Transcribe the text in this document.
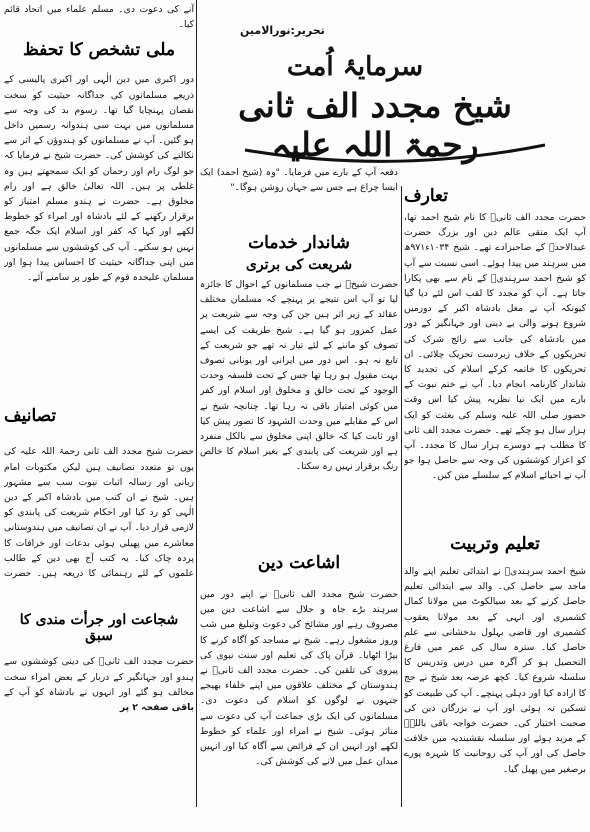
تحریر:نورالامین
سرمایۂ اُمت
شیخ مجدد الف ثانی رحمۃ اللہ علیہ
تعارف

حضرت مجدد الف ثانیؒ کا نام شیخ احمد تھا، آپ ایک متقی عالم دین اور بزرگ حضرت عبدالاحدؒ کے صاحبزادے تھے۔ شیخ ۱۰۳۴ء۹۷۱ھ میں سرہند میں پیدا ہوئے۔ اسی نسبت سے آپ کو شیخ احمد سرہندیؒ کے نام سے بھی پکارا جاتا ہے۔ آپ کو مجدد کا لقب اس لئے دیا گیا کیونکہ آپ نے مغل بادشاہ اکبر کے دورمیں شروع ہونے والی بے دینی اور جہانگیر کے دور میں بادشاہ کی جانب سے رائج شرک کی تحریکوں کے خلاف زبردست تحریک چلائی۔ ان تحریکوں کا خاتمہ کرکے اسلام کی تجدید کا شاندار کارنامہ انجام دیا۔ آپ نے ختم نبوت کے بارے میں ایک نیا نظریہ پیش کیا اس وقت حضور صلی اللہ علیہ وسلم کی بعثت کو ایک ہزار سال ہو چکے تھے۔ حضرت مجدد الف ثانی کا مطلب ہے دوسرے ہزار سال کا مجدد۔ آپ کو اعزاز کوششوں کی وجہ سے حاصل ہوا جو آپ نے احیائے اسلام کے سلسلے میں کیں۔

تعلیم وتربیت

شیخ احمد سرہندیؒ نے ابتدائی تعلیم اپنے والد ماجد سے حاصل کی۔ والد سے ابتدائی تعلیم حاصل کرنے کے بعد سیالکوٹ میں مولانا کمال کشمیری اور انہی کے بعد مولانا یعقوب کشمیری اور قاضی بہلول بدخشانی سے علم حاصل کیا۔ سترہ سال کی عمر میں فارغ التحصیل ہو کر آگرہ میں درس وتدریس کا سلسلہ شروع کیا۔ کچھ عرصہ بعد شیخ نے حج کا ارادہ کیا اور دہلی پہنچے۔ آپ کی طبیعت کو تسکین نہ ہوئی اور آپ نے بزرگان دین کی صحبت اختیار کی۔ حضرت خواجہ باقی باللہؒ کے مرید ہوئے اور سلسلہ نقشبندیہ میں خلافت حاصل کی اور آپ کی روحانیت کا شہرہ پورے برصغیر میں پھیل گیا۔

دفعہ آپ کے بارے میں فرمایا۔ "وہ (شیخ احمد) ایک ایسا چراغ ہے جس سے جہاں روشن ہوگا۔"

شاندار خدمات
شریعت کی برتری

حضرت شیخؒ نے جب مسلمانوں کے احوال کا جائزہ لیا تو آپ اس نتیجے پر پہنچے کہ مسلمان مختلف عقائد کے زیر اثر ہیں جن کی وجہ سے شریعت پر عمل کمزور ہو گیا ہے۔ شیخ طریقت کی ایسے تصوف کو ماننے کے لئے تیار نہ تھے جو شریعت کے تابع نہ ہو۔ اس دور میں ایرانی اور یونانی تصوف بہت مقبول ہو رہا تھا جس کے تحت فلسفہ وحدت الوجود کے تحت خالق و مخلوق اور اسلام اور کفر میں کوئی امتیاز باقی نہ رہا تھا۔ چنانچہ شیخ نے اس کے مقابلے میں وحدت الشہود کا تصور پیش کیا اور ثابت کیا کہ خالق اپنی مخلوق سے بالکل منفرد ہے اور شریعت کی پابندی کے بغیر اسلام کا خالص رنگ برقرار نہیں رہ سکتا۔

اشاعت دین

حضرت شیخ مجدد الف ثانیؒ نے اپنے دور میں سرہند بڑے جاہ و جلال سے اشاعت دین میں مصروف رہے اور مشائخ کی دعوت وتبلیغ میں شب وروز مشغول رہے۔ شیخ نے مساجد کو آگاہ کرنے کا بیڑا اٹھایا۔ قرآن پاک کی تعلیم اور سنت نبوی کی پیروی کی تلقین کی۔ حضرت مجدد الف ثانیؒ نے ہندوستان کے مختلف علاقوں میں اپنے خلفاء بھیجے جنہوں نے لوگوں کو اسلام کی دعوت دی۔ مسلمانوں کی ایک بڑی جماعت آپ کی دعوت سے متاثر ہوئی۔ شیخ نے امراء اور علماء کو خطوط لکھے اور انہیں ان کے فرائض سے آگاہ کیا اور انہیں میدان عمل میں لانے کی کوشش کی۔

آنے کی دعوت دی۔ مسلم علماء میں اتحاد قائم کیا۔

ملی تشخص کا تحفظ

دور اکبری میں دین الٰہی اور اکبری پالیسی کے ذریعے مسلمانوں کی جداگانہ حیثیت کو سخت نقصان پہنچایا گیا تھا۔ رسوم بد کی وجہ سے مسلمانوں میں بہت سی ہندوانہ رسمیں داخل ہو گئیں۔ آپ نے مسلمانوں کو ہندوؤں کے اثر سے نکالنے کی کوشش کی۔ حضرت شیخ نے فرمایا کہ جو لوگ رام اور رحمان کو ایک سمجھتے ہیں وہ غلطی پر ہیں۔ اللہ تعالیٰ خالق ہے اور رام مخلوق ہے۔ حضرت نے ہندو مسلم امتیاز کو برقرار رکھنے کے لئے بادشاہ اور امراء کو خطوط لکھے اور کہا کہ کفر اور اسلام ایک جگہ جمع نہیں ہو سکتے۔ آپ کی کوششوں سے مسلمانوں میں اپنی جداگانہ حیثیت کا احساس پیدا ہوا اور مسلمان علیحدہ قوم کے طور پر سامنے آئے۔

تصانیف

حضرت شیخ مجدد الف ثانی رحمۃ اللہ علیہ کی یوں تو متعدد تصانیف ہیں لیکن مکتوبات امام ربانی اور رسالہ اثبات نبوت سب سے مشہور ہیں۔ شیخ نے ان کتب میں بادشاہ اکبر کے دین الٰہی کو رد کیا اور احکام شریعت کی پابندی کو لازمی قرار دیا۔ آپ نے ان تصانیف میں ہندوستانی معاشرے میں پھیلی ہوئی بدعات اور خرافات کا پردہ چاک کیا۔ یہ کتب آج بھی دین کے طالب علموں کے لئے رہنمائی کا ذریعہ ہیں۔ حضرت

شجاعت اور جرأت مندی کا سبق

حضرت مجدد الف ثانیؒ کی دینی کوششوں سے ہندو اور جہانگیر کے دربار کے بعض امراء سخت مخالف ہو گئے اور انہوں نے بادشاہ کو آپ کے

باقی صفحہ ۲ پر
